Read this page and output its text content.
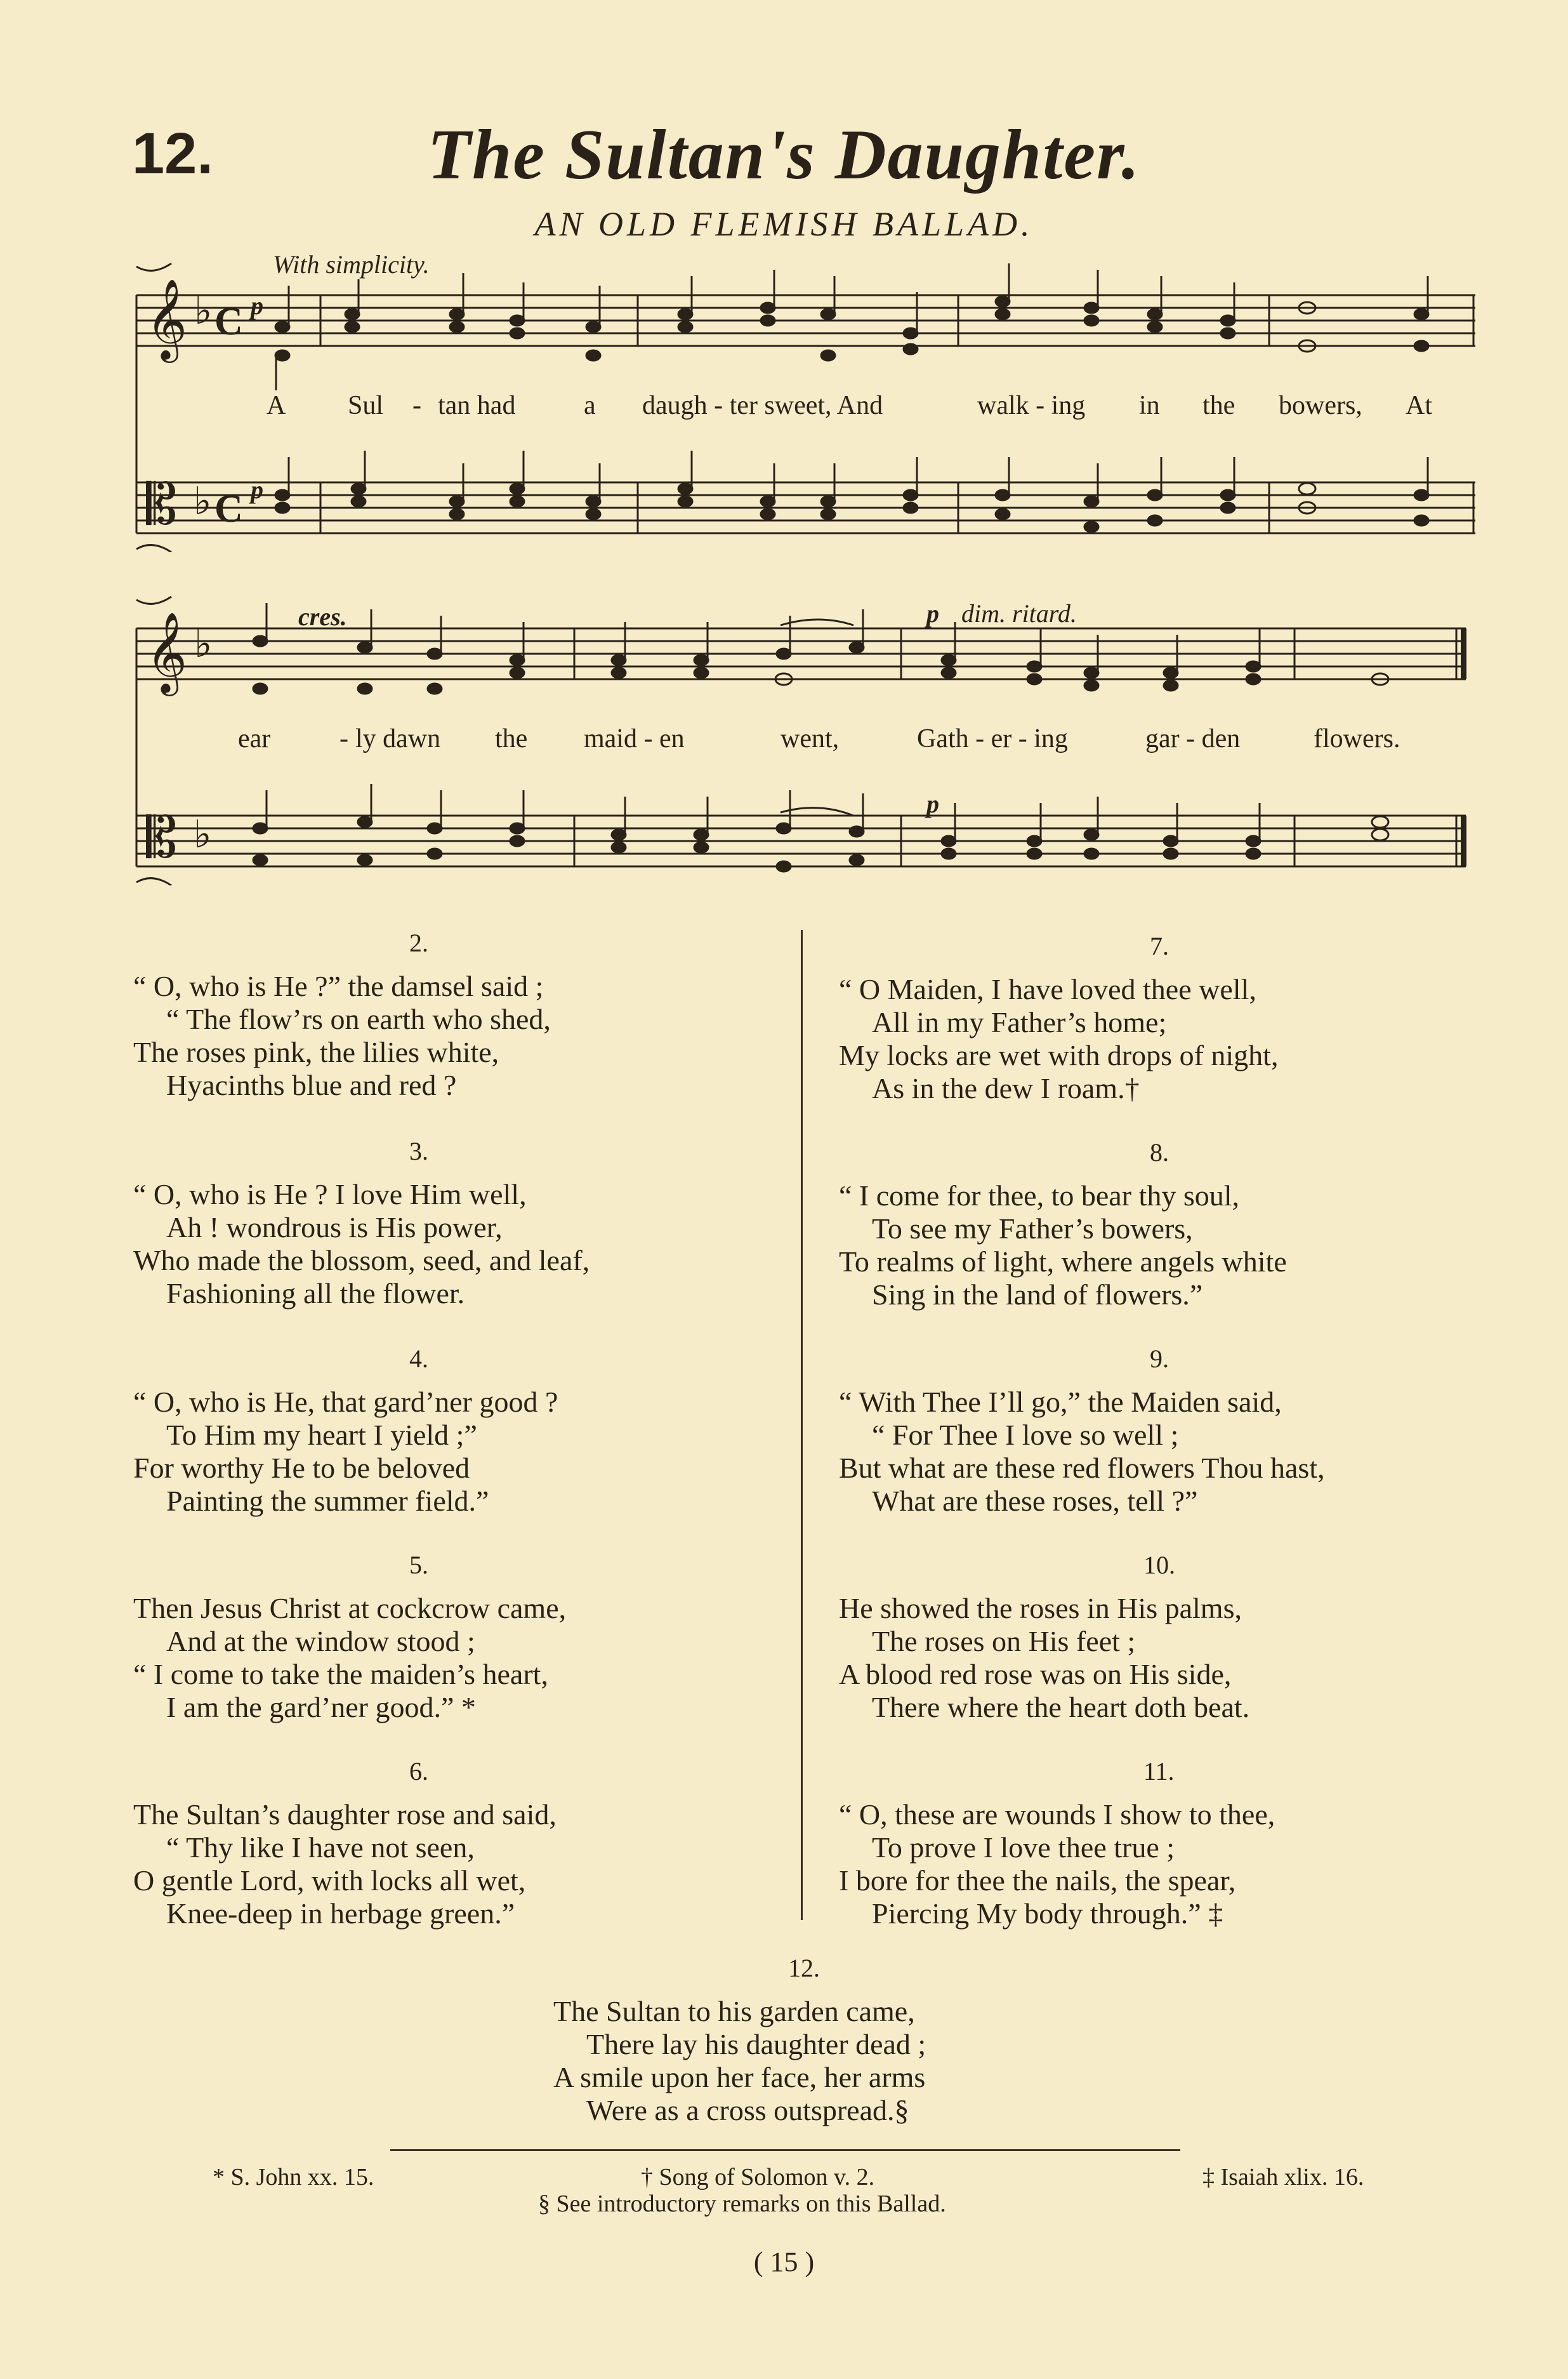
12.	The Sultan's Daughter.
AN OLD FLEMISH BALLAD.
𝄞
𝄡
♭
♭
C
C
With simplicity.
p
p
A Sul - tan had	a daugh - ter sweet, And	walk - ing in the bowers, At
𝄞
𝄡
♭
♭
cres.	p dim. ritard.
p
ear	- ly dawn the maid - en	went,	Gath - er - ing	gar - den	flowers.
2.
“ O, who is He ?” the damsel said ;
“ The flow’rs on earth who shed,
The roses pink, the lilies white,
Hyacinths blue and red ?
3.
“ O, who is He ? I love Him well,
Ah ! wondrous is His power,
Who made the blossom, seed, and leaf,
Fashioning all the flower.
4.
“ O, who is He, that gard’ner good ?
To Him my heart I yield ;”
For worthy He to be beloved
Painting the summer field.”
5.
Then Jesus Christ at cockcrow came,
And at the window stood ;
“ I come to take the maiden’s heart,
I am the gard’ner good.” *
6.
The Sultan’s daughter rose and said,
“ Thy like I have not seen,
O gentle Lord, with locks all wet,
Knee-deep in herbage green.”
7.
“ O Maiden, I have loved thee well,
All in my Father’s home;
My locks are wet with drops of night,
As in the dew I roam.†
8.
“ I come for thee, to bear thy soul,
To see my Father’s bowers,
To realms of light, where angels white
Sing in the land of flowers.”
9.
“ With Thee I’ll go,” the Maiden said,
“ For Thee I love so well ;
But what are these red flowers Thou hast,
What are these roses, tell ?”
10.
He showed the roses in His palms,
The roses on His feet ;
A blood red rose was on His side,
There where the heart doth beat.
11.
“ O, these are wounds I show to thee,
To prove I love thee true ;
I bore for thee the nails, the spear,
Piercing My body through.” ‡
12.
The Sultan to his garden came,
There lay his daughter dead ;
A smile upon her face, her arms
Were as a cross outspread.§
* S. John xx. 15.	† Song of Solomon v. 2.	‡ Isaiah xlix. 16.
§ See introductory remarks on this Ballad.
( 15 )
